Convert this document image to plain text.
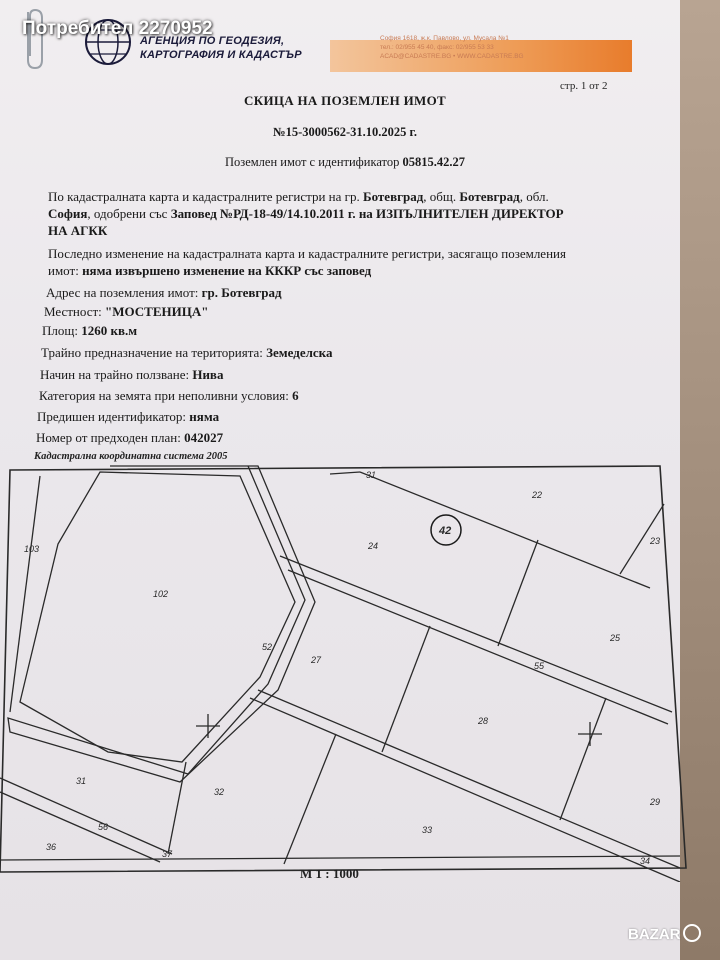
Потребител 2270952
АГЕНЦИЯ ПО ГЕОДЕЗИЯ,
КАРТОГРАФИЯ И КАДАСТЪР
София 1618, ж.к. Павлово, ул. Мусала №1
тел.: 02/955 45 40, факс: 02/955 53 33
ACAD@CADASTRE.BG • WWW.CADASTRE.BG
стр. 1 от 2
СКИЦА НА ПОЗЕМЛЕН ИМОТ
№15-3000562-31.10.2025 г.
Поземлен имот с идентификатор 05815.42.27
По кадастралната карта и кадастралните регистри на гр. Ботевград, общ. Ботевград, обл.
София, одобрени със Заповед №РД-18-49/14.10.2011 г. на ИЗПЪЛНИТЕЛЕН ДИРЕКТОР
НА АГКК
Последно изменение на кадастралната карта и кадастралните регистри, засягащо поземления
имот: няма извършено изменение на КККР със заповед
Адрес на поземления имот: гр. Ботевград
Местност: "МОСТЕНИЦА"
Площ: 1260 кв.м
Трайно предназначение на територията: Земеделска
Начин на трайно ползване: Нива
Категория на земята при неполивни условия: 6
Предишен идентификатор: няма
Номер от предходен план: 042027
Кадастрална координатна система 2005
42
31
22
23
103	24
102
52
27
25
55
28
31
32
29
56
36
37
33
34
М 1 : 1000
BAZAR
